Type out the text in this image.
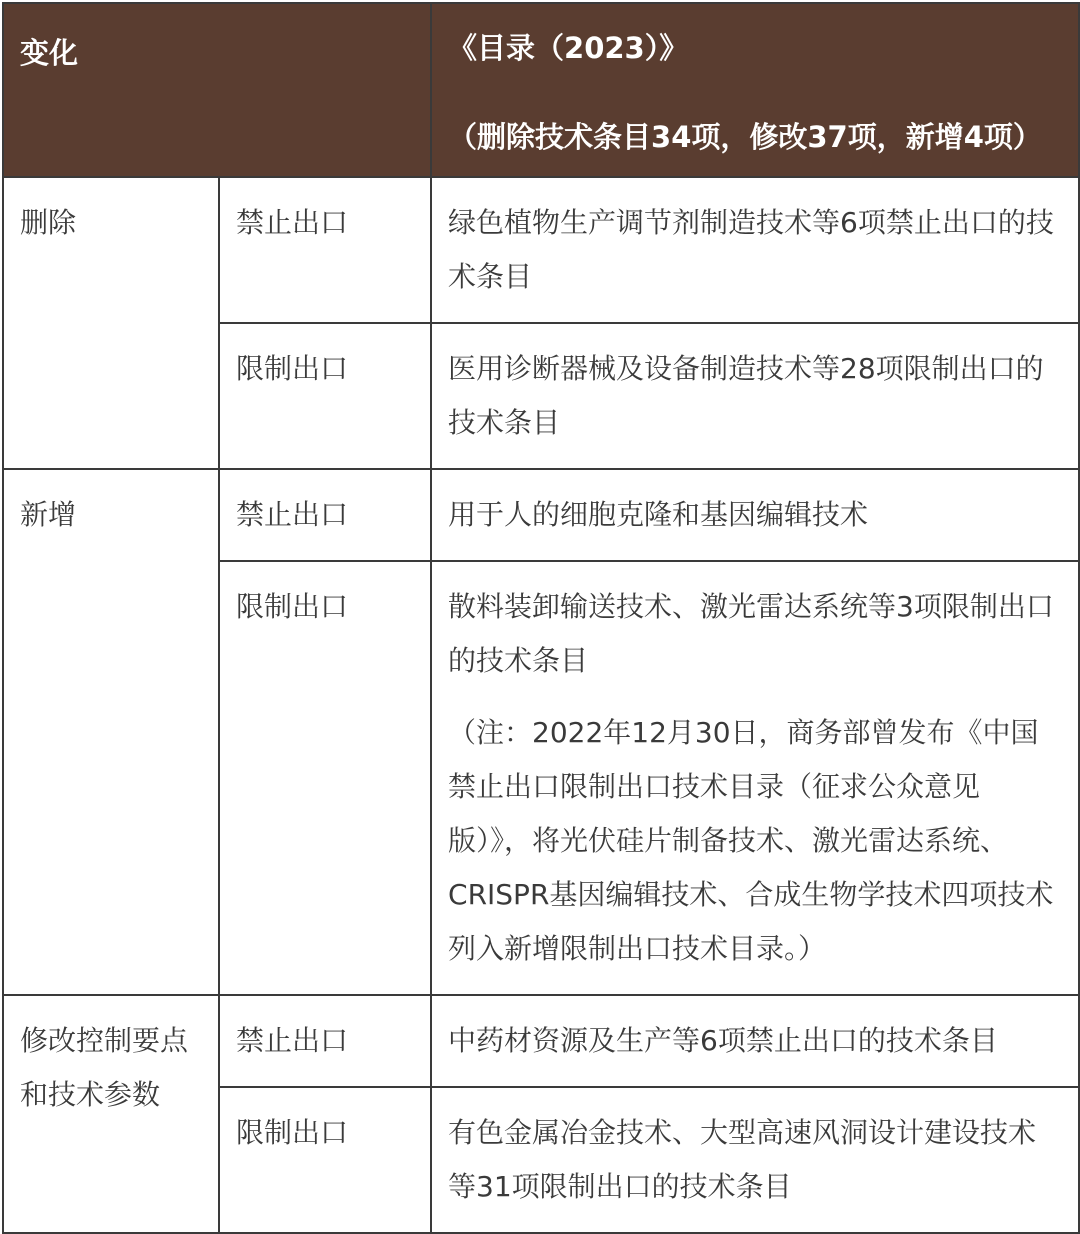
变化		《目录（2023）》
（删除技术条目34项，修改37项，新增4项）

删除	禁止出口	绿色植物生产调节剂制造技术等6项禁止出口的技术条目
	限制出口	医用诊断器械及设备制造技术等28项限制出口的技术条目
新增	禁止出口	用于人的细胞克隆和基因编辑技术
	限制出口	散料装卸输送技术、激光雷达系统等3项限制出口的技术条目
（注：2022年12月30日，商务部曾发布《中国禁止出口限制出口技术目录（征求公众意见版）》，将光伏硅片制备技术、激光雷达系统、CRISPR基因编辑技术、合成生物学技术四项技术列入新增限制出口技术目录。）

修改控制要点和技术参数	禁止出口	中药材资源及生产等6项禁止出口的技术条目
	限制出口	有色金属冶金技术、大型高速风洞设计建设技术等31项限制出口的技术条目
